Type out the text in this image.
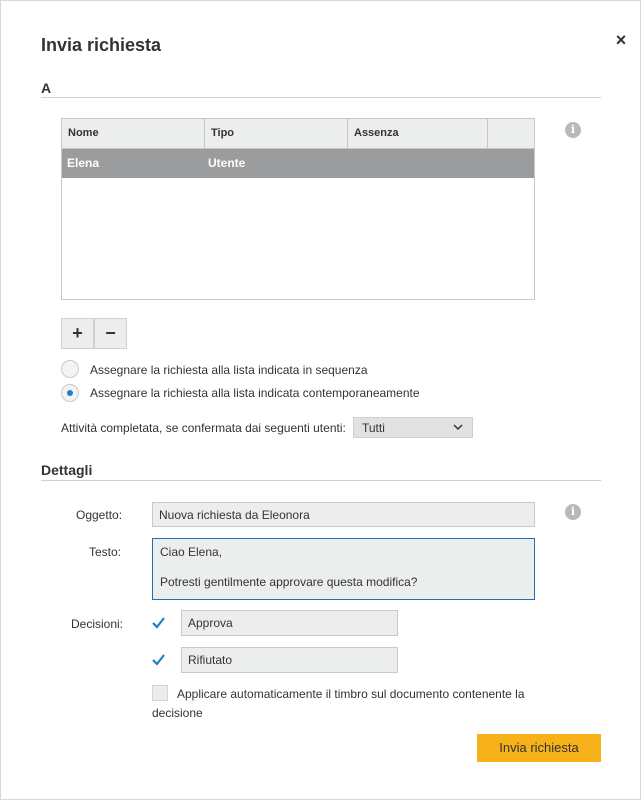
Invia richiesta	×
A
Nome	Tipo	Assenza
Elena	Utente
i
+	−
Assegnare la richiesta alla lista indicata in sequenza
Assegnare la richiesta alla lista indicata contemporaneamente
Attività completata, se confermata dai seguenti utenti:	Tutti
Dettagli
Oggetto:	Nuova richiesta da Eleonora	i
Testo:	Ciao Elena,
Potresti gentilmente approvare questa modifica?
Decisioni:	Approva
Rifiutato
Applicare automaticamente il timbro sul documento contenente la
decisione
Invia richiesta
